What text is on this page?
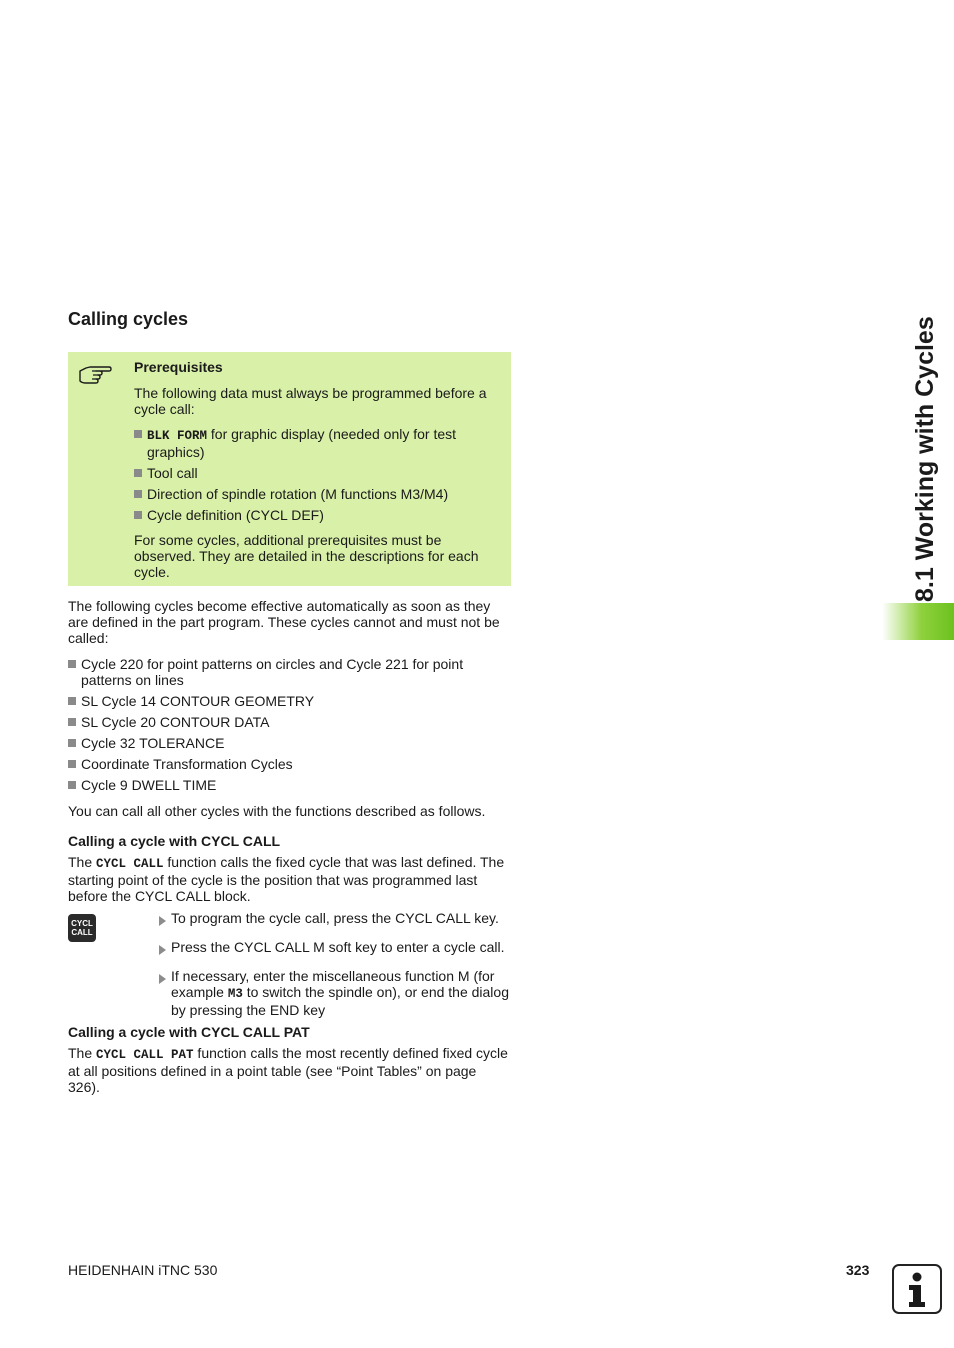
Calling cycles
Prerequisites
The following data must always be programmed before a cycle call:
BLK FORM for graphic display (needed only for test graphics)
Tool call
Direction of spindle rotation (M functions M3/M4)
Cycle definition (CYCL DEF)
For some cycles, additional prerequisites must be observed. They are detailed in the descriptions for each cycle.
The following cycles become effective automatically as soon as they are defined in the part program. These cycles cannot and must not be called:
Cycle 220 for point patterns on circles and Cycle 221 for point patterns on lines
SL Cycle 14 CONTOUR GEOMETRY
SL Cycle 20 CONTOUR DATA
Cycle 32 TOLERANCE
Coordinate Transformation Cycles
Cycle 9 DWELL TIME
You can call all other cycles with the functions described as follows.
Calling a cycle with CYCL CALL
The CYCL CALL function calls the fixed cycle that was last defined. The starting point of the cycle is the position that was programmed last before the CYCL CALL block.
CYCL
CALL
To program the cycle call, press the CYCL CALL key.
Press the CYCL CALL M soft key to enter a cycle call.
If necessary, enter the miscellaneous function M (for example M3 to switch the spindle on), or end the dialog by pressing the END key
Calling a cycle with CYCL CALL PAT
The CYCL CALL PAT function calls the most recently defined fixed cycle at all positions defined in a point table (see “Point Tables” on page 326).
8.1 Working with Cycles
HEIDENHAIN iTNC 530	323
